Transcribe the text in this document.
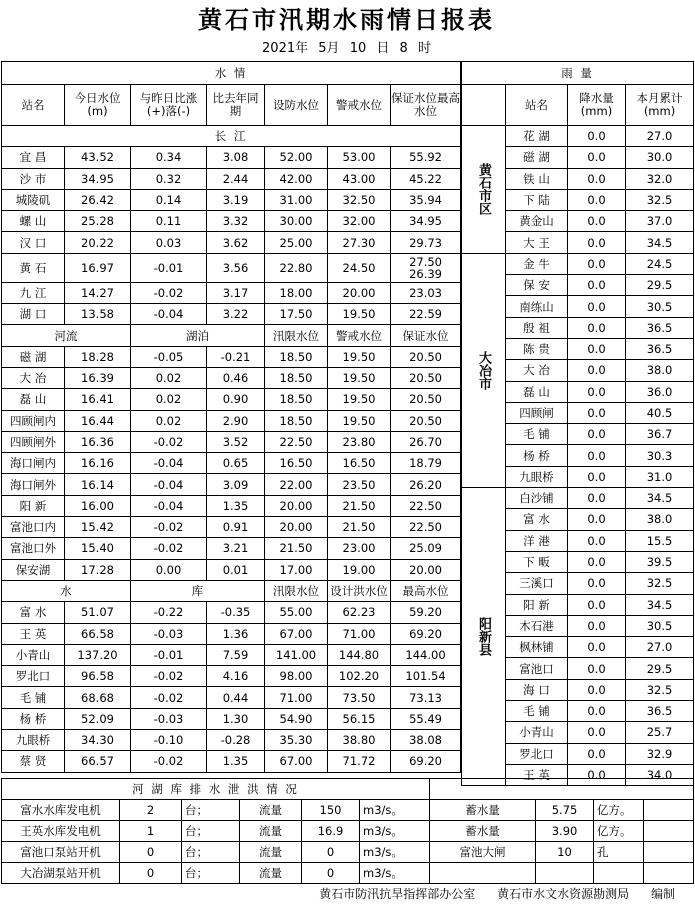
黄石市汛期水雨情日报表
2021年 5月 10 日 8 时
水 情						
站名	今日水位(m)	与昨日比涨(+)落(-)	比去年同 期	设防水位	警戒水位	保证水位最高水位
长 江						
宜 昌	43.52	0.34	3.08	52.00	53.00	55.92
沙 市	34.95	0.32	2.44	42.00	43.00	45.22
城陵矶	26.42	0.14	3.19	31.00	32.50	35.94
螺 山	25.28	0.11	3.32	30.00	32.00	34.95
汉 口	20.22	0.03	3.62	25.00	27.30	29.73
黄 石	16.97	-0.01	3.56	22.80	24.50	27.50
26.39
九 江	14.27	-0.02	3.17	18.00	20.00	23.03
湖 口	13.58	-0.04	3.22	17.50	19.50	22.59
河流		湖泊		汛限水位	警戒水位	保证水位
磁 湖	18.28	-0.05	-0.21	18.50	19.50	20.50
大 冶	16.39	0.02	0.46	18.50	19.50	20.50
磊 山	16.41	0.02	0.90	18.50	19.50	20.50
四顾闸内	16.44	0.02	2.90	18.50	19.50	20.50
四顾闸外	16.36	-0.02	3.52	22.50	23.80	26.70
海口闸内	16.16	-0.04	0.65	16.50	16.50	18.79
海口闸外	16.14	-0.04	3.09	22.00	23.50	26.20
阳 新	16.00	-0.04	1.35	20.00	21.50	22.50
富池口内	15.42	-0.02	0.91	20.00	21.50	22.50
富池口外	15.40	-0.02	3.21	21.50	23.00	25.09
保安湖	17.28	0.00	0.01	17.00	19.00	20.00
水		库		汛限水位	设计洪水位	最高水位
富 水	51.07	-0.22	-0.35	55.00	62.23	59.20
王 英	66.58	-0.03	1.36	67.00	71.00	69.20
小青山	137.20	-0.01	7.59	141.00	144.80	144.00
罗北口	96.58	-0.02	4.16	98.00	102.20	101.54
毛 铺	68.68	-0.02	0.44	71.00	73.50	73.13
杨 桥	52.09	-0.03	1.30	54.90	56.15	55.49
九眼桥	34.30	-0.10	-0.28	35.30	38.80	38.08
蔡 贤	66.57	-0.02	1.35	67.00	71.72	69.20
雨 量			
	站名	降水量(mm)	本月累计(mm)
黄石市区	花 湖	0.0	27.0
	磁 湖	0.0	30.0
	铁 山	0.0	32.0
	下 陆	0.0	32.5
	黄金山	0.0	37.0
	大 王	0.0	34.5
大冶市	金 牛	0.0	24.5
	保 安	0.0	29.5
	南练山	0.0	30.5
	殷 祖	0.0	36.5
	陈 贵	0.0	36.5
	大 冶	0.0	38.0
	磊 山	0.0	36.0
	四顾闸	0.0	40.5
	毛 铺	0.0	36.7
	杨 桥	0.0	30.3
	九眼桥	0.0	31.0
阳新县	白沙铺	0.0	34.5
	富 水	0.0	38.0
	洋 港	0.0	15.5
	下 畈	0.0	39.5
	三溪口	0.0	32.5
	阳 新	0.0	34.5
	木石港	0.0	30.5
	枫林铺	0.0	27.0
	富池口	0.0	29.5
	海 口	0.0	32.5
	毛 铺	0.0	36.5
	小青山	0.0	25.7
	罗北口	0.0	32.9
	王 英	0.0	34.0
河 湖 库 排 水 泄 洪 情 况									
富水水库发电机	2	台；	流量	150	m3/s。	蓄水量	5.75	亿方。	
王英水库发电机	1	台；	流量	16.9	m3/s。	蓄水量	3.90	亿方。	
富池口泵站开机	0	台；	流量	0	m3/s。	富池大闸	10	孔	
大冶湖泵站开机	0	台；	流量	0	m3/s。				
黄石市防汛抗旱指挥部办公室 黄石市水文水资源勘测局 编制
